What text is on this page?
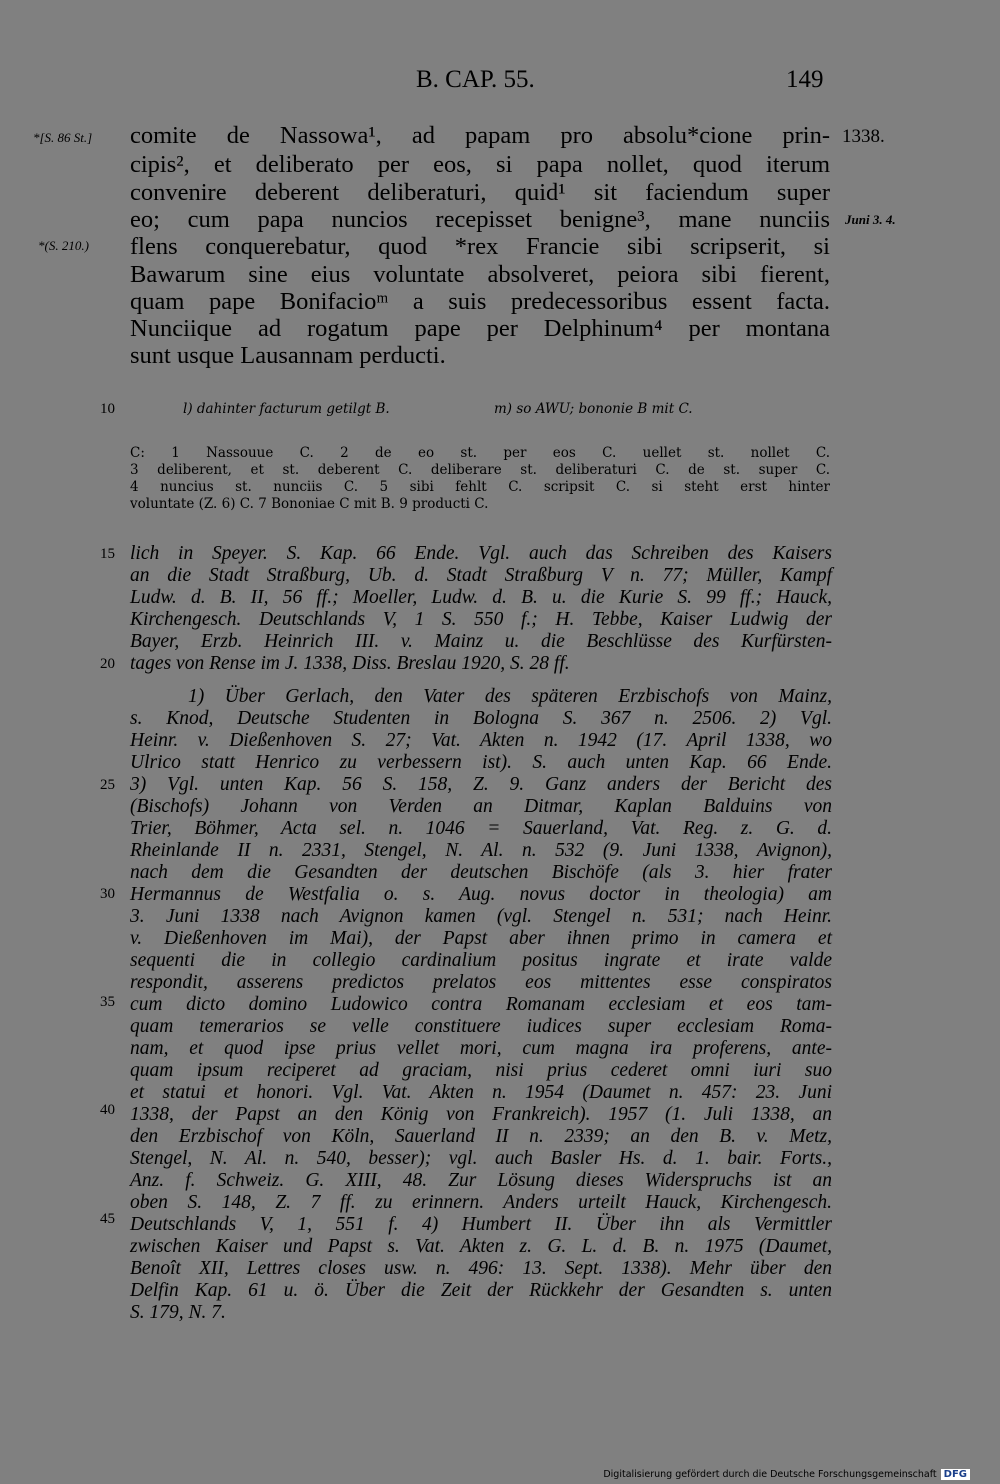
B. CAP. 55.	149
*[S. 86 St.]
*(S. 210.)
1338.
Juni 3. 4.
comite de Nassowa¹, ad papam pro absolu*cione prin-
cipis², et deliberato per eos, si papa nollet, quod iterum
convenire deberent deliberaturi, quid¹ sit faciendum super
eo; cum papa nuncios recepisset benigne³, mane nunciis
flens conquerebatur, quod *rex Francie sibi scripserit, si
Bawarum sine eius voluntate absolveret, peiora sibi fierent,
quam pape Bonifacioᵐ a suis predecessoribus essent facta.
Nunciique ad rogatum pape per Delphinum⁴ per montana
sunt usque Lausannam perducti.
10	l) dahinter facturum getilgt B.	m) so AWU; bononie B mit C.
C: 1 Nassouue C. 2 de eo st. per eos C. uellet st. nollet C.
3 deliberent, et st. deberent C. deliberare st. deliberaturi C. de st. super C.
4 nuncius st. nunciis C. 5 sibi fehlt C. scripsit C. si steht erst hinter
voluntate (Z. 6) C. 7 Bononiae C mit B. 9 producti C.
15
20
25
30
35
40
45
lich in Speyer. S. Kap. 66 Ende. Vgl. auch das Schreiben des Kaisers
an die Stadt Straßburg, Ub. d. Stadt Straßburg V n. 77; Müller, Kampf
Ludw. d. B. II, 56 ff.; Moeller, Ludw. d. B. u. die Kurie S. 99 ff.; Hauck,
Kirchengesch. Deutschlands V, 1 S. 550 f.; H. Tebbe, Kaiser Ludwig der
Bayer, Erzb. Heinrich III. v. Mainz u. die Beschlüsse des Kurfürsten-
tages von Rense im J. 1338, Diss. Breslau 1920, S. 28 ff.
1) Über Gerlach, den Vater des späteren Erzbischofs von Mainz,
s. Knod, Deutsche Studenten in Bologna S. 367 n. 2506. 2) Vgl.
Heinr. v. Dießenhoven S. 27; Vat. Akten n. 1942 (17. April 1338, wo
Ulrico statt Henrico zu verbessern ist). S. auch unten Kap. 66 Ende.
3) Vgl. unten Kap. 56 S. 158, Z. 9. Ganz anders der Bericht des
(Bischofs) Johann von Verden an Ditmar, Kaplan Balduins von
Trier, Böhmer, Acta sel. n. 1046 = Sauerland, Vat. Reg. z. G. d.
Rheinlande II n. 2331, Stengel, N. Al. n. 532 (9. Juni 1338, Avignon),
nach dem die Gesandten der deutschen Bischöfe (als 3. hier frater
Hermannus de Westfalia o. s. Aug. novus doctor in theologia) am
3. Juni 1338 nach Avignon kamen (vgl. Stengel n. 531; nach Heinr.
v. Dießenhoven im Mai), der Papst aber ihnen primo in camera et
sequenti die in collegio cardinalium positus ingrate et irate valde
respondit, asserens predictos prelatos eos mittentes esse conspiratos
cum dicto domino Ludowico contra Romanam ecclesiam et eos tam-
quam temerarios se velle constituere iudices super ecclesiam Roma-
nam, et quod ipse prius vellet mori, cum magna ira proferens, ante-
quam ipsum reciperet ad graciam, nisi prius cederet omni iuri suo
et statui et honori. Vgl. Vat. Akten n. 1954 (Daumet n. 457: 23. Juni
1338, der Papst an den König von Frankreich). 1957 (1. Juli 1338, an
den Erzbischof von Köln, Sauerland II n. 2339; an den B. v. Metz,
Stengel, N. Al. n. 540, besser); vgl. auch Basler Hs. d. 1. bair. Forts.,
Anz. f. Schweiz. G. XIII, 48. Zur Lösung dieses Widerspruchs ist an
oben S. 148, Z. 7 ff. zu erinnern. Anders urteilt Hauck, Kirchengesch.
Deutschlands V, 1, 551 f. 4) Humbert II. Über ihn als Vermittler
zwischen Kaiser und Papst s. Vat. Akten z. G. L. d. B. n. 1975 (Daumet,
Benoît XII, Lettres closes usw. n. 496: 13. Sept. 1338). Mehr über den
Delfin Kap. 61 u. ö. Über die Zeit der Rückkehr der Gesandten s. unten
S. 179, N. 7.
Digitalisierung gefördert durch die Deutsche Forschungsgemeinschaft DFG
